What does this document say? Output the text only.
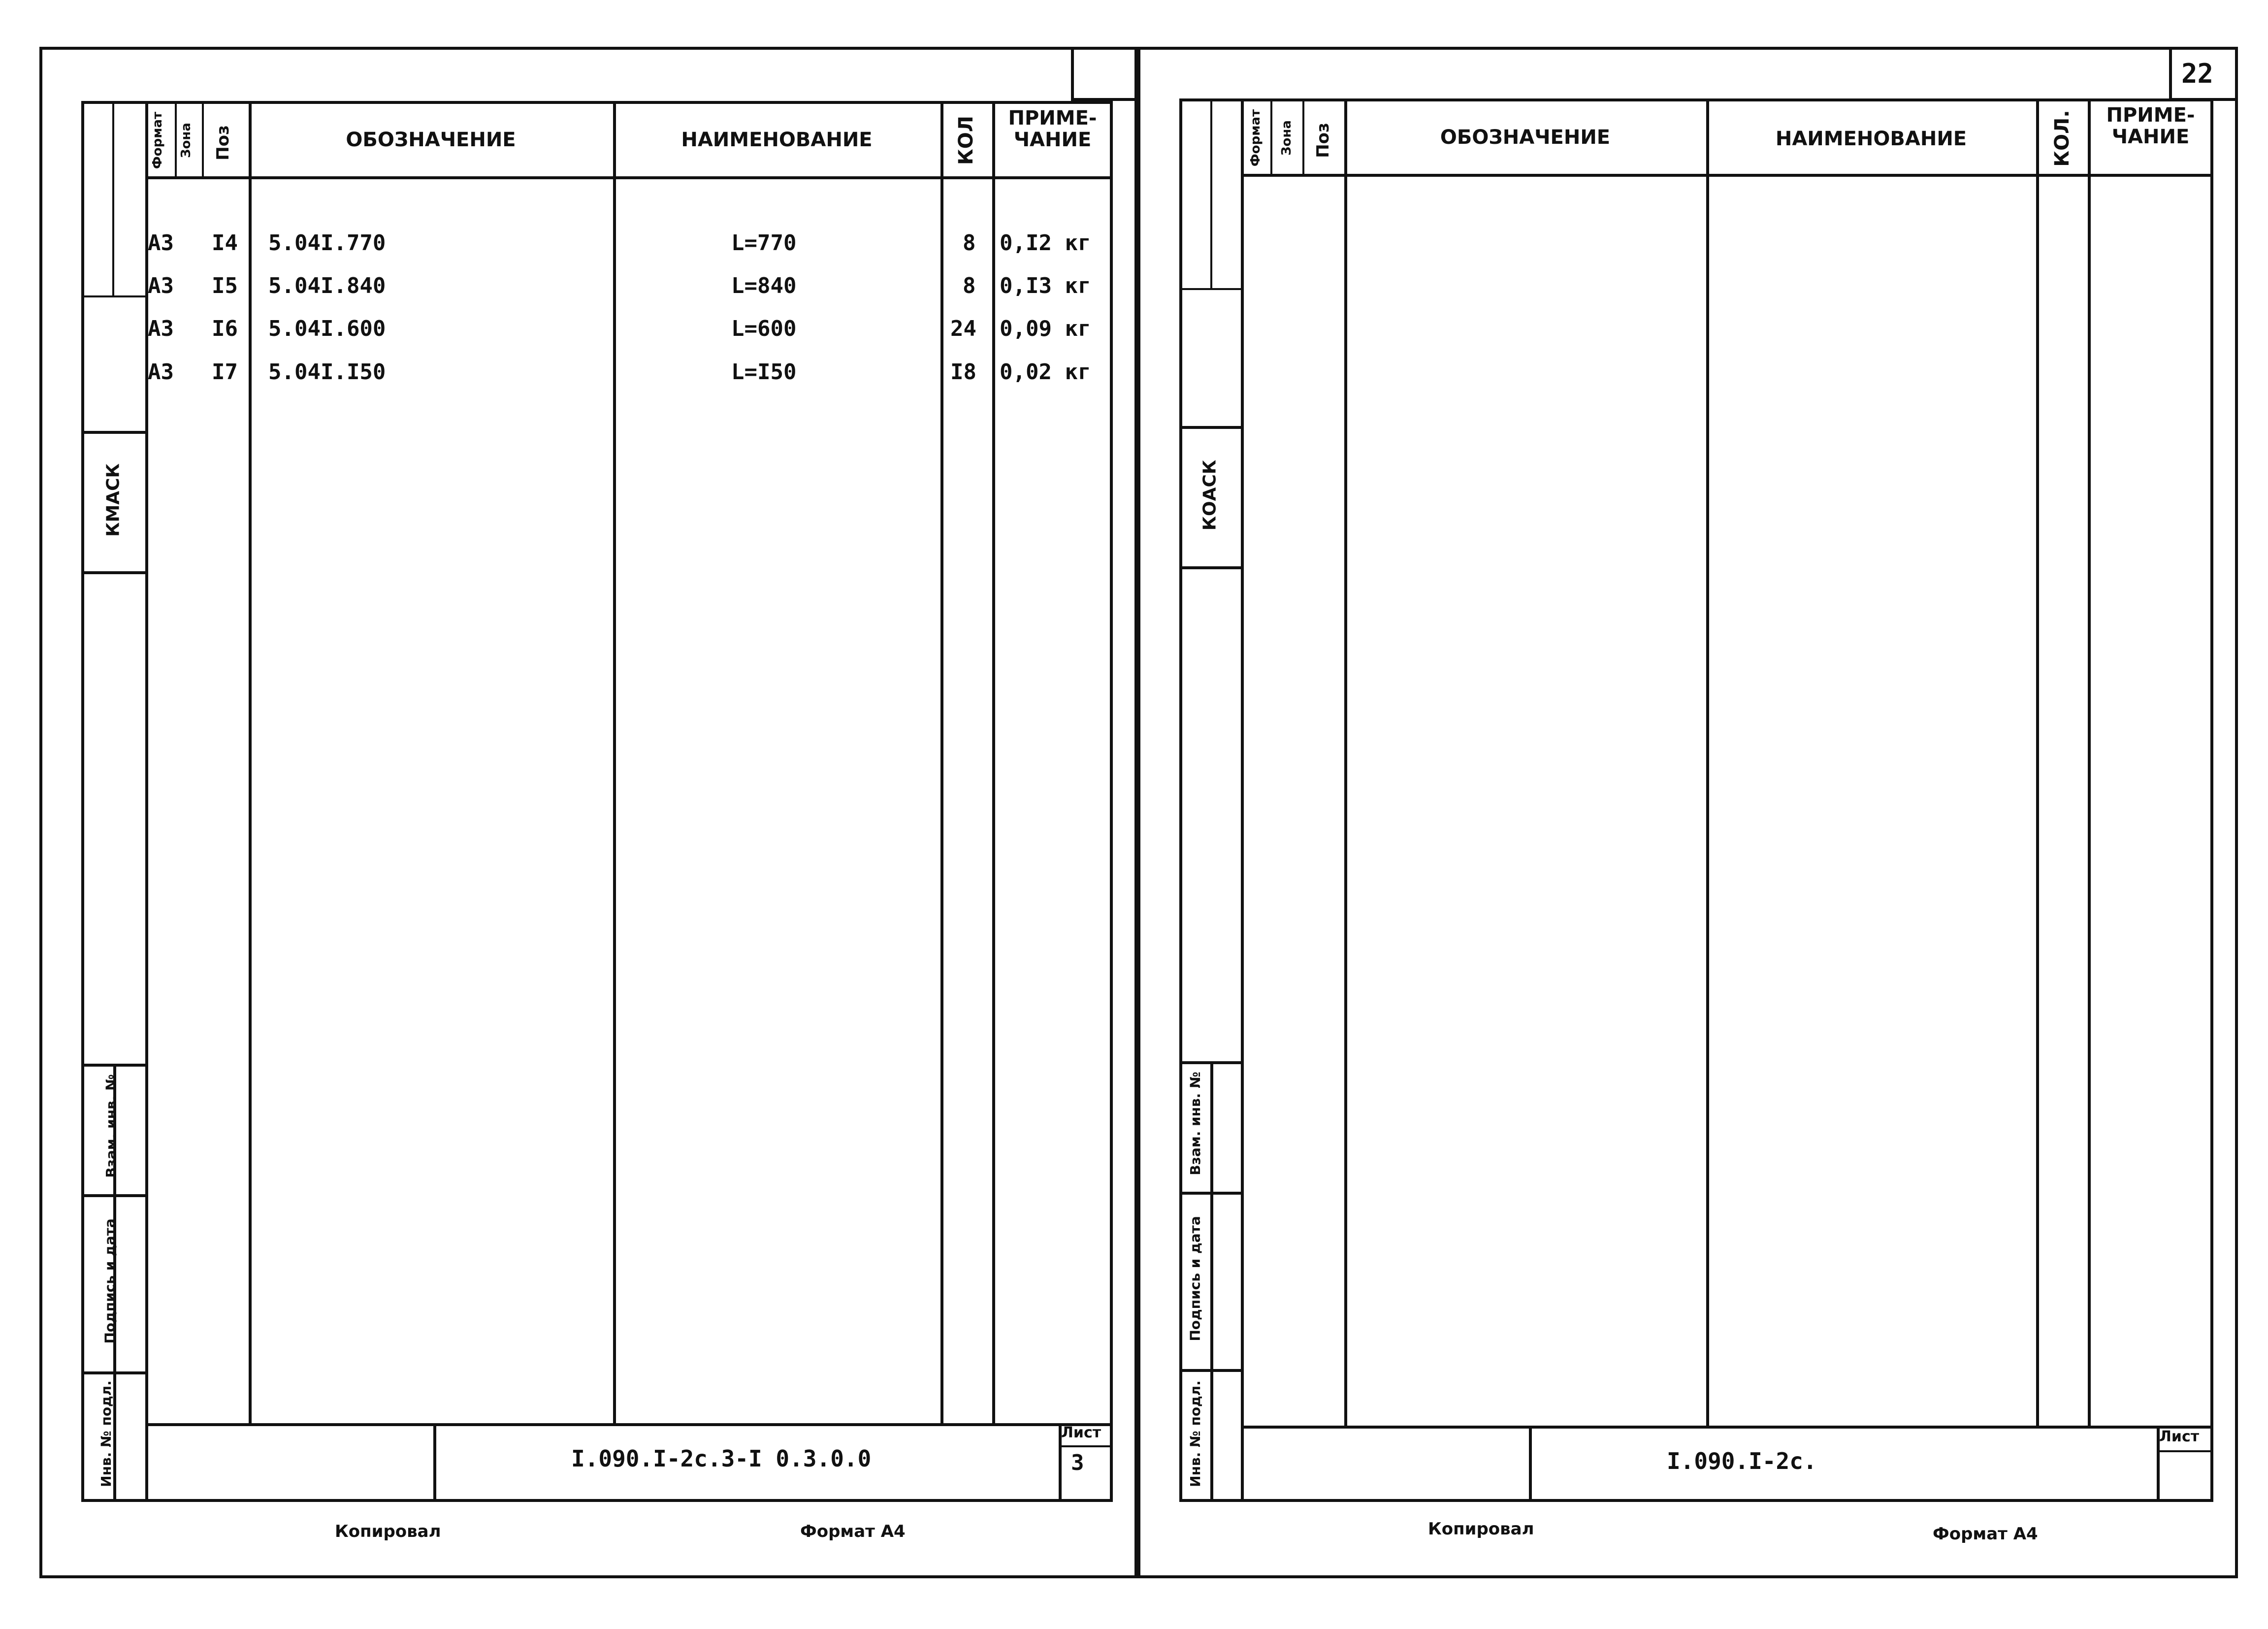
Формат Зона Поз	ОБОЗНАЧЕНИЕ	НАИМЕНОВАНИЕ	КОЛ	ПРИМЕ-
ЧАНИЕ
А3 I4 5.04I.770	L=770	8 0,I2 кг
А3 I5 5.04I.840	L=840	8 0,I3 кг
А3 I6 5.04I.600	L=600	24 0,09 кг
А3 I7 5.04I.I50	L=I50	I8 0,02 кг
КМАСК
Взам. инв. №
Подпись и дата
Инв. № подл.	I.090.I-2с.3-I 0.3.0.0
Лист
3
Копировал	Формат А4
22
Формат Зона Поз	ОБОЗНАЧЕНИЕ	НАИМЕНОВАНИЕ	КОЛ.	ПРИМЕ-
ЧАНИЕ
КОАСК
Взам. инв. №
Подпись и дата
Инв. № подл.	I.090.I-2с.
Лист
Копировал	Формат А4
